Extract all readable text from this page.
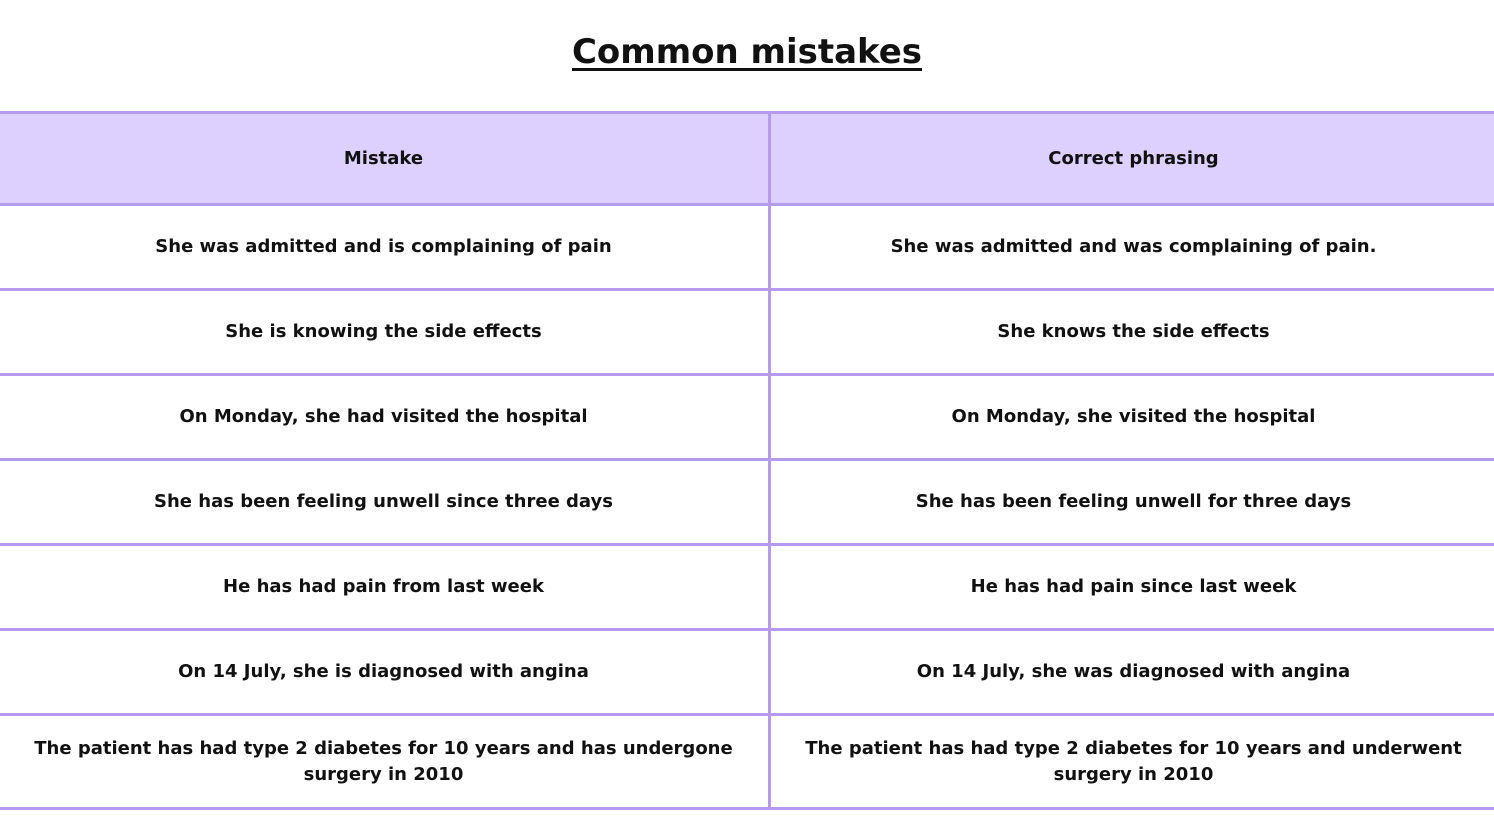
Common mistakes
Mistake	Correct phrasing
She was admitted and is complaining of pain	She was admitted and was complaining of pain.
She is knowing the side effects	She knows the side effects
On Monday, she had visited the hospital	On Monday, she visited the hospital
She has been feeling unwell since three days	She has been feeling unwell for three days
He has had pain from last week	He has had pain since last week
On 14 July, she is diagnosed with angina	On 14 July, she was diagnosed with angina
The patient has had type 2 diabetes for 10 years and has undergone surgery in 2010	The patient has had type 2 diabetes for 10 years and underwent surgery in 2010
